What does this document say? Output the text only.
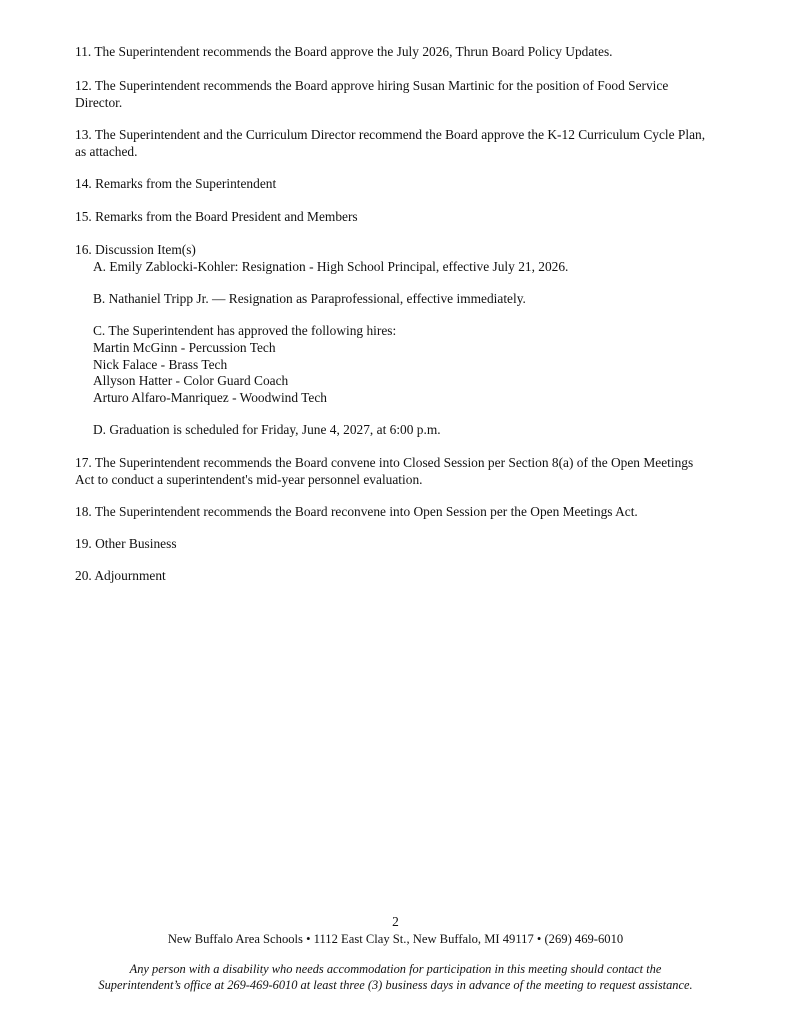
11. The Superintendent recommends the Board approve the July 2026, Thrun Board Policy Updates.

12. The Superintendent recommends the Board approve hiring Susan Martinic for the position of Food Service
Director.

13. The Superintendent and the Curriculum Director recommend the Board approve the K-12 Curriculum Cycle Plan,
as attached.

14. Remarks from the Superintendent

15. Remarks from the Board President and Members

16. Discussion Item(s)

A. Emily Zablocki-Kohler: Resignation - High School Principal, effective July 21, 2026.

B. Nathaniel Tripp Jr. — Resignation as Paraprofessional, effective immediately.

C. The Superintendent has approved the following hires:

Martin McGinn - Percussion Tech
Nick Falace - Brass Tech
Allyson Hatter - Color Guard Coach
Arturo Alfaro-Manriquez - Woodwind Tech

D. Graduation is scheduled for Friday, June 4, 2027, at 6:00 p.m.

17. The Superintendent recommends the Board convene into Closed Session per Section 8(a) of the Open Meetings
Act to conduct a superintendent's mid-year personnel evaluation.

18. The Superintendent recommends the Board reconvene into Open Session per the Open Meetings Act.

19. Other Business

20. Adjournment

2
New Buffalo Area Schools • 1112 East Clay St., New Buffalo, MI 49117 • (269) 469-6010
Any person with a disability who needs accommodation for participation in this meeting should contact the
Superintendent’s office at 269-469-6010 at least three (3) business days in advance of the meeting to request assistance.
